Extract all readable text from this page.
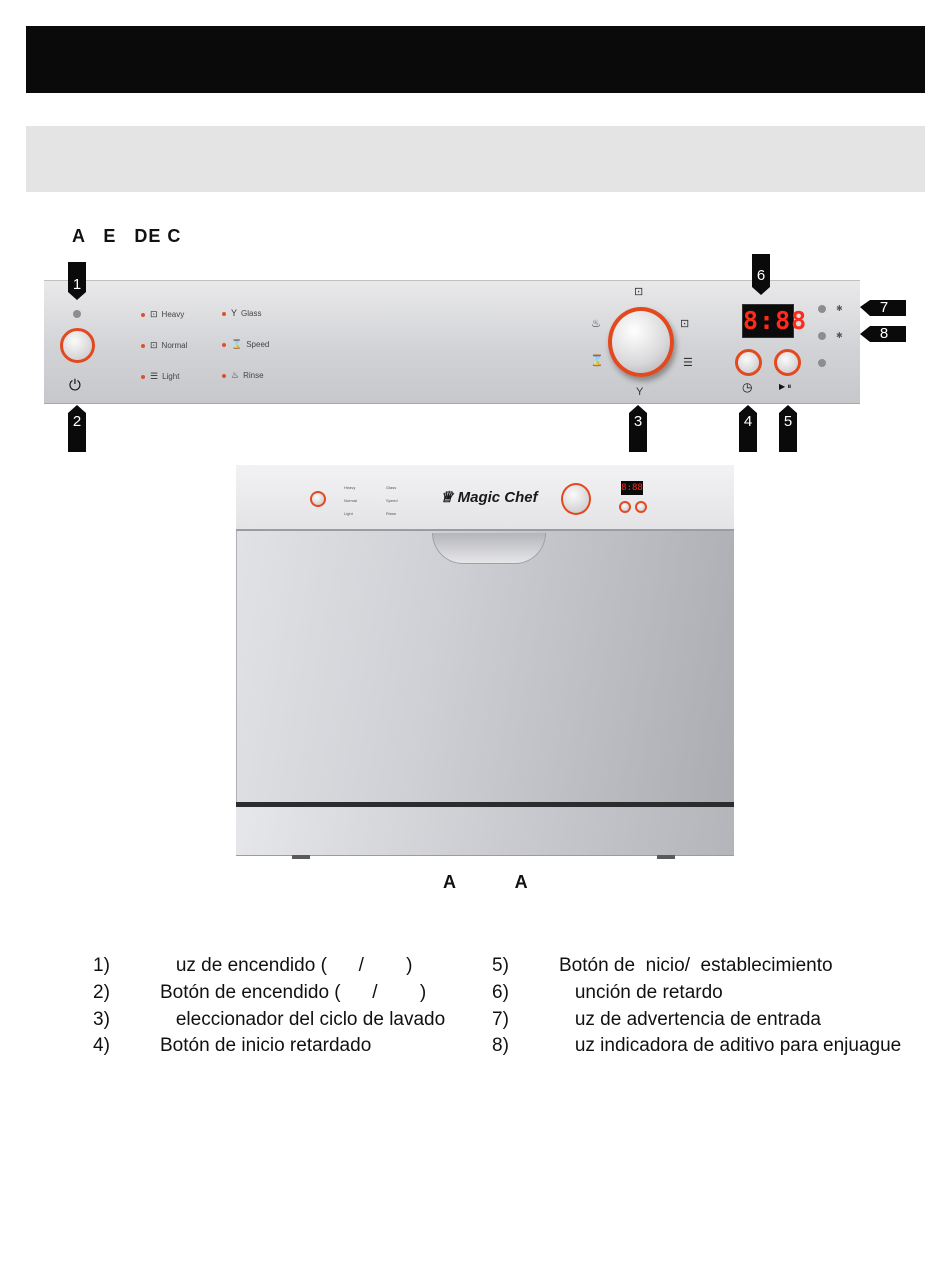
A   E   DE C
⏻
⊡ Heavy
⊡ Normal
☰ Light
Y Glass
⌛ Speed
♨ Rinse
⊡
⊡
☰
Y
⌛
♨	8:88
◷	▶ ⏸
✱
✱
1
2	3	4	5
6
7
8
Heavy
Normal
Light
Glass
Speed
Rinse
♕ Magic Chef
8:88
A            A
1)	uz de encendido (      /        )
2)	Botón de encendido (      /        )
3)	eleccionador del ciclo de lavado
4)	Botón de inicio retardado
5)	Botón de  nicio/  establecimiento
6)	unción de retardo
7)	uz de advertencia de entrada
8)	uz indicadora de aditivo para enjuague
